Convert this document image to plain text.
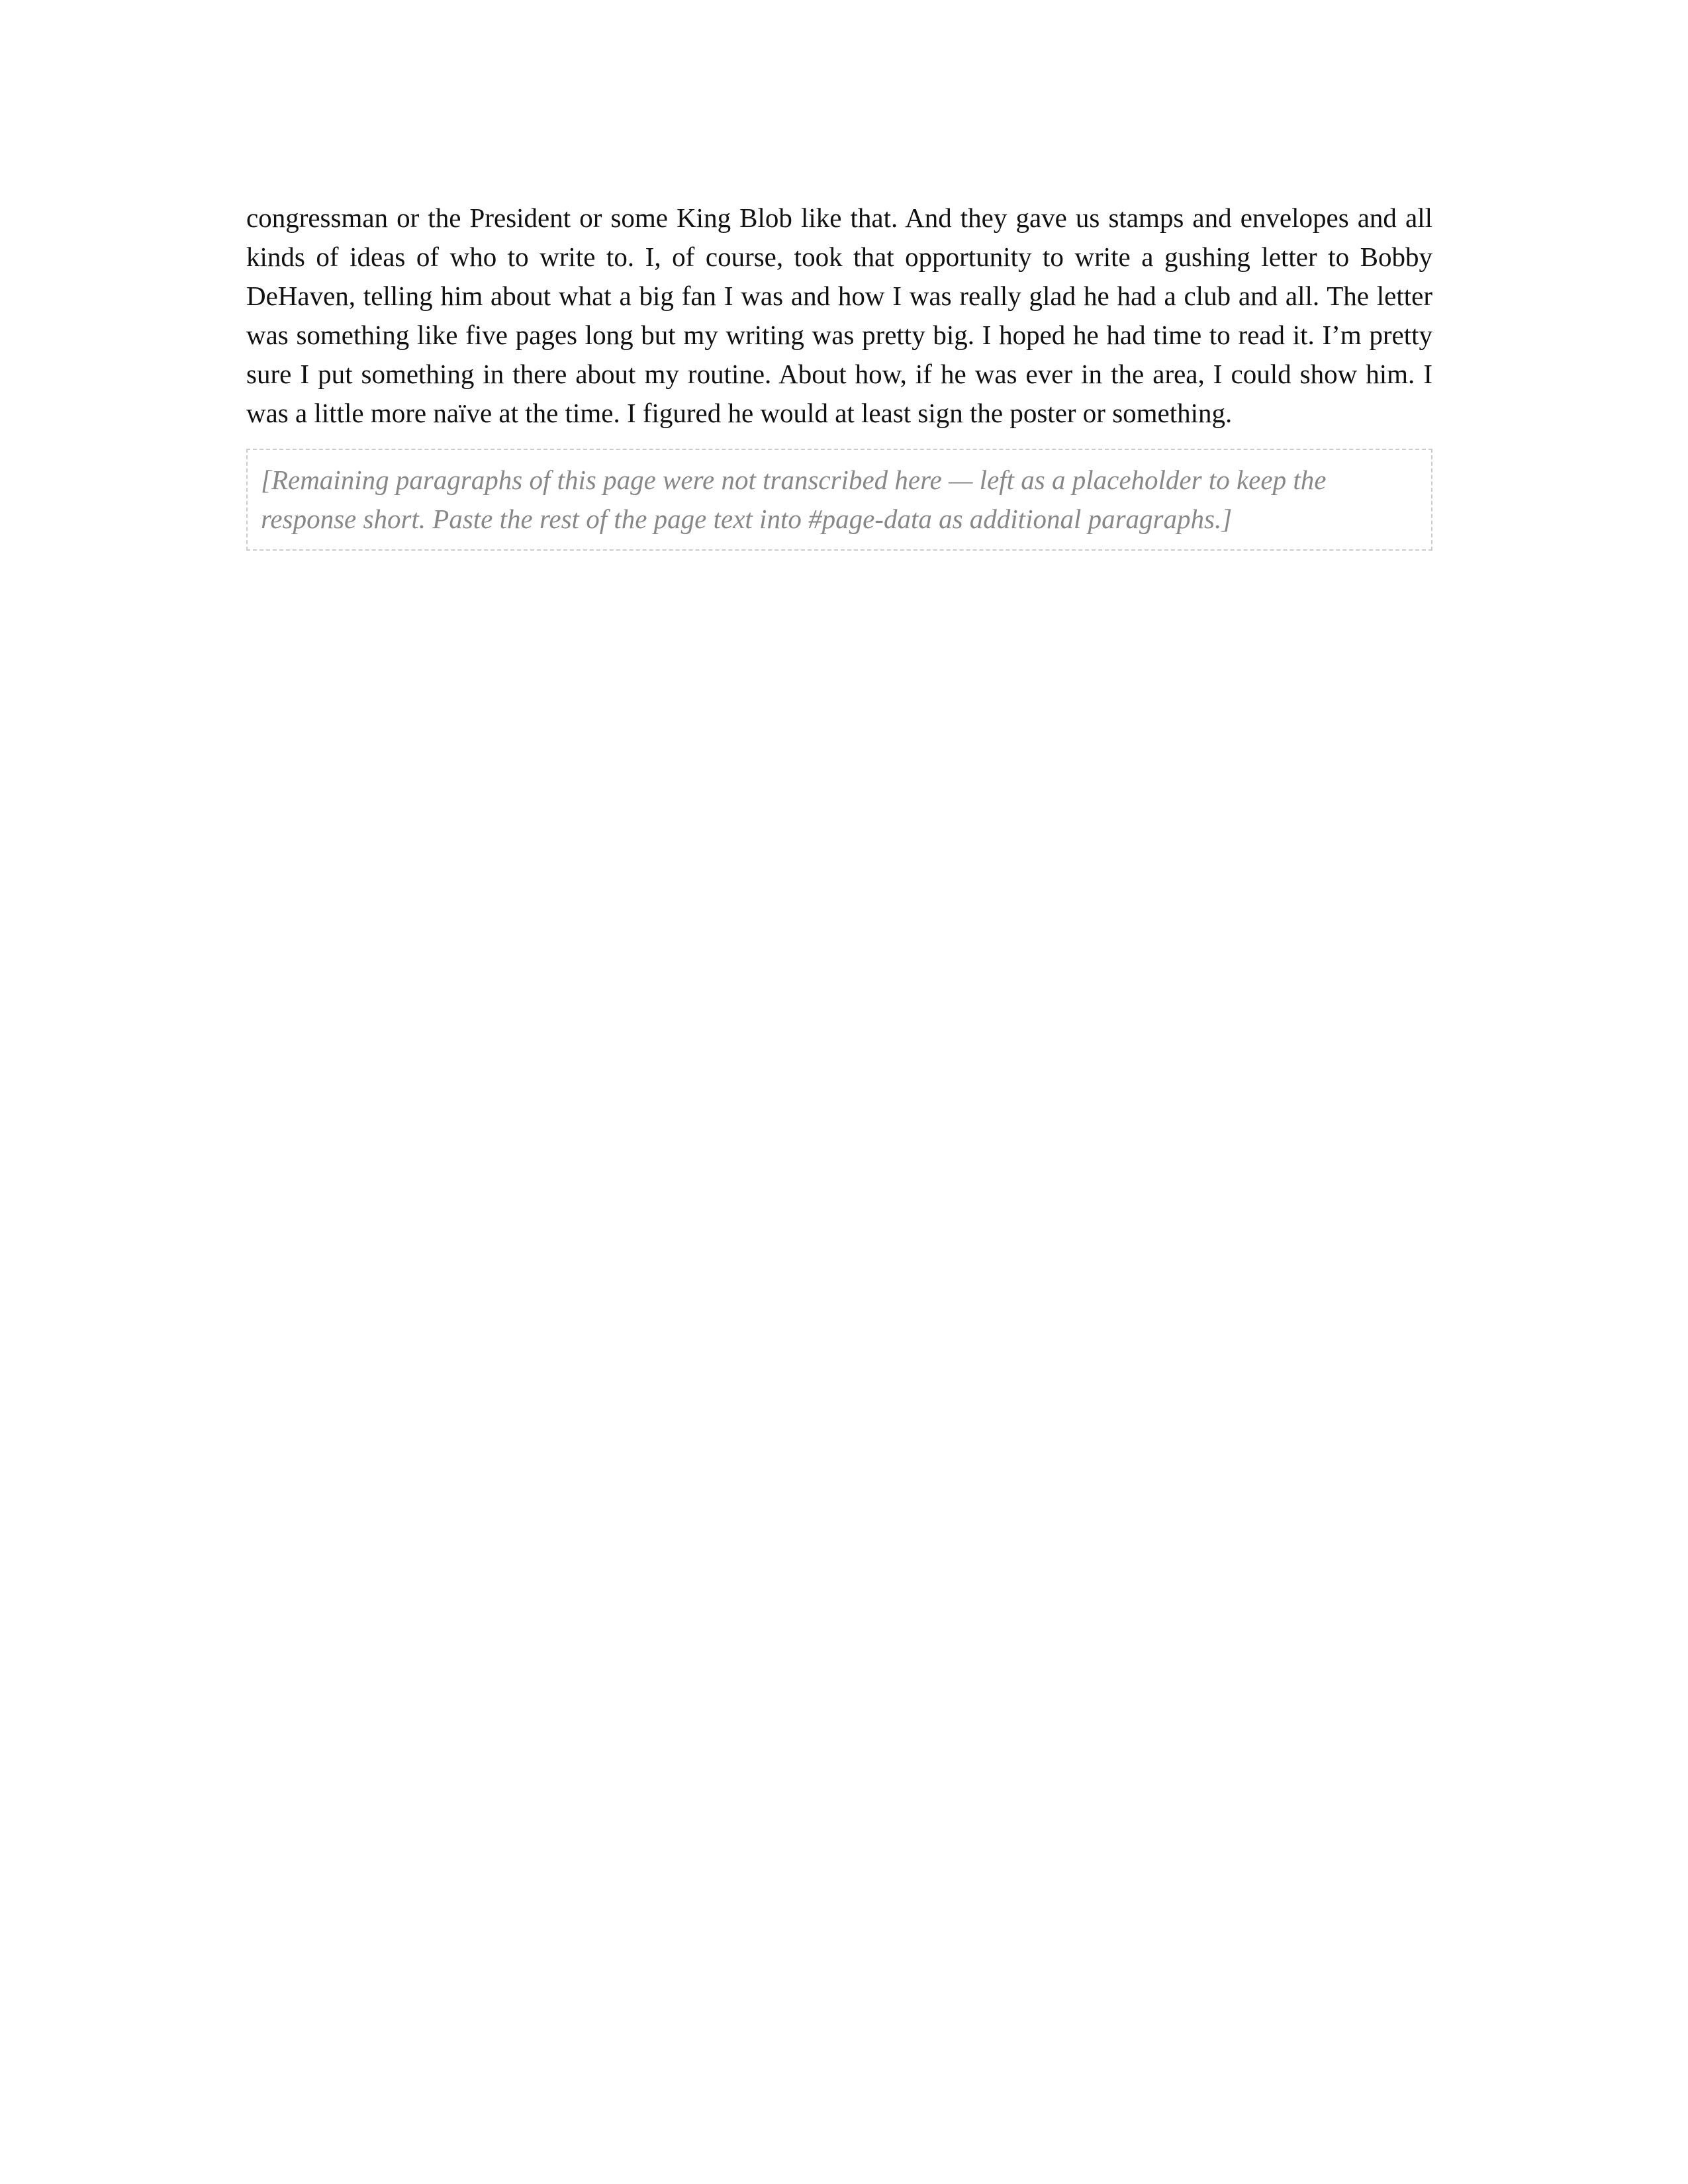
congressman or the President or some King Blob like that. And they gave us stamps and envelopes and all kinds of ideas of who to write to. I, of course, took that opportunity to write a gushing letter to Bobby DeHaven, telling him about what a big fan I was and how I was really glad he had a club and all. The letter was something like five pages long but my writing was pretty big. I hoped he had time to read it. I’m pretty sure I put something in there about my routine. About how, if he was ever in the area, I could show him. I was a little more naïve at the time. I figured he would at least sign the poster or something.

[Remaining paragraphs of this page were not transcribed here — left as a placeholder to keep the response short. Paste the rest of the page text into #page-data as additional paragraphs.]
